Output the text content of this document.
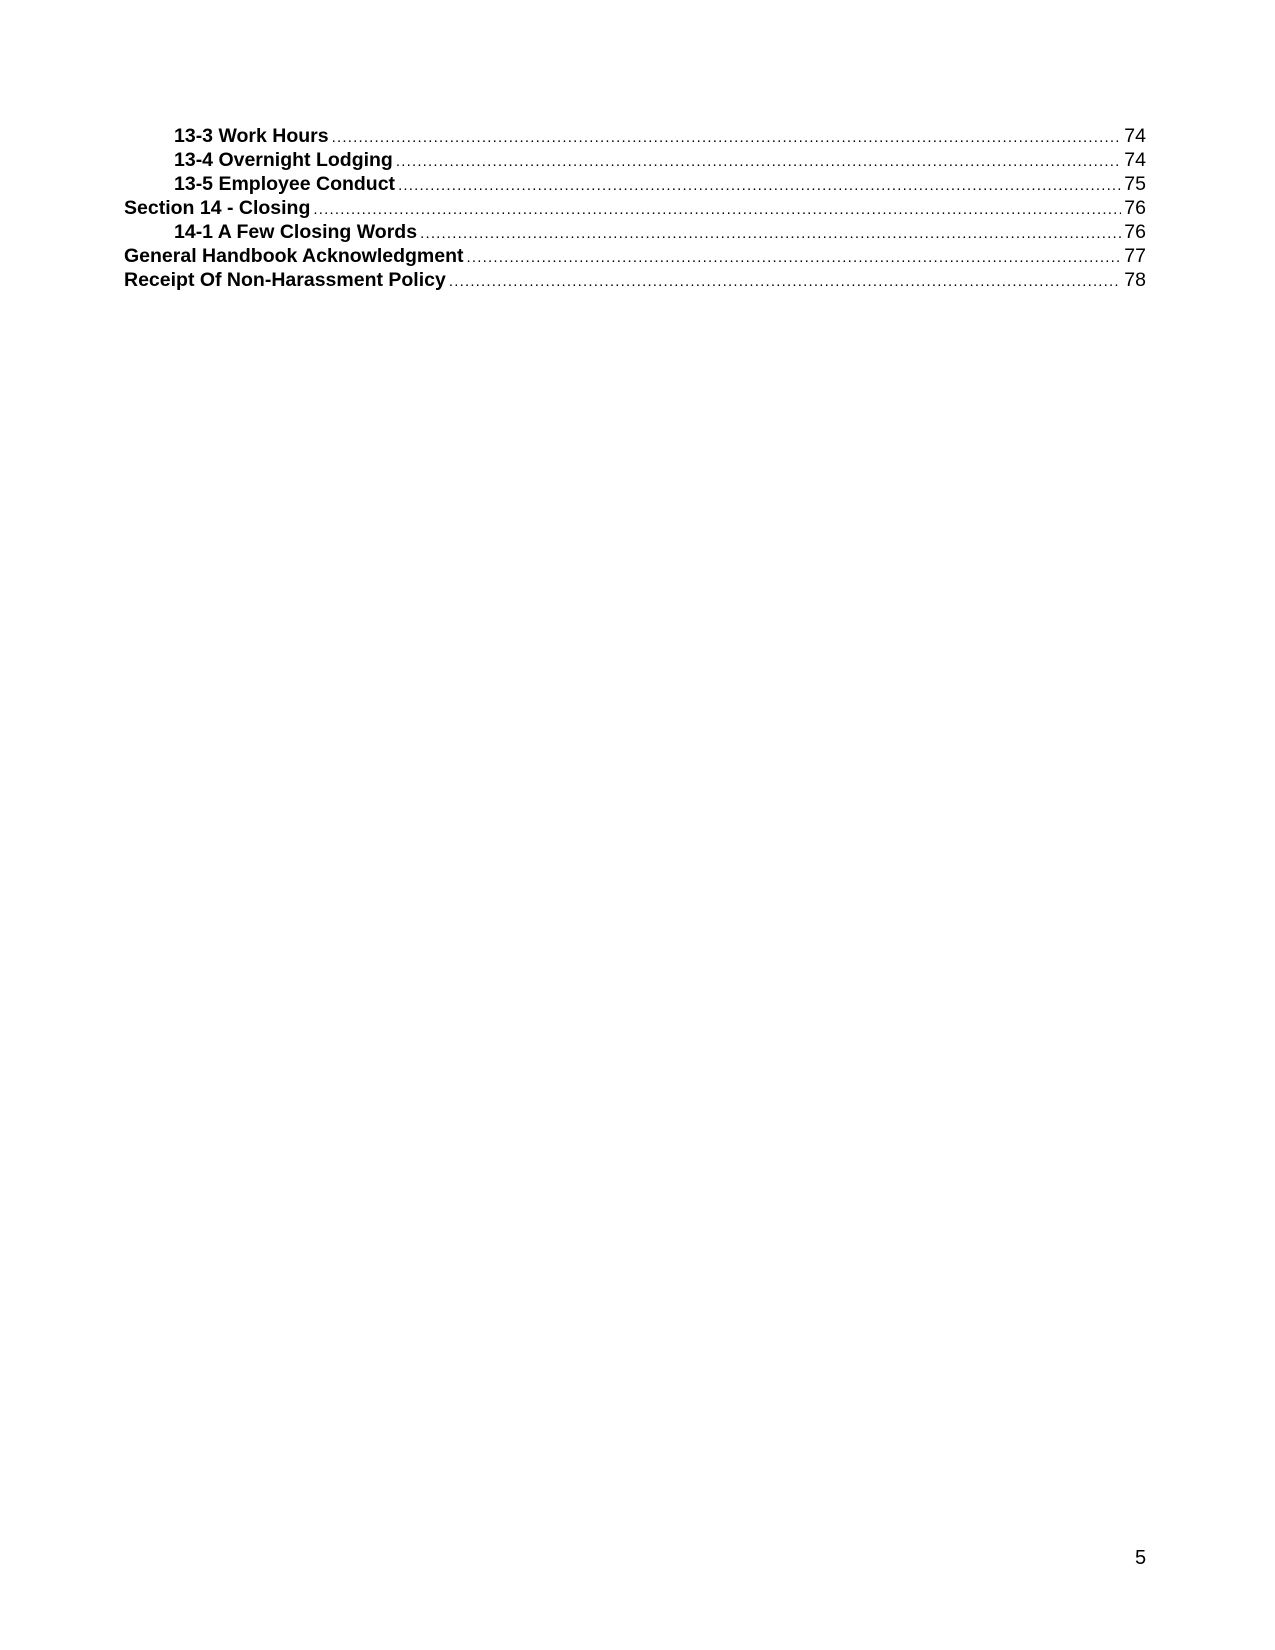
13-3 Work Hours .....	74
13-4 Overnight Lodging .....	74
13-5 Employee Conduct .....	75
Section 14 - Closing .....	76
14-1 A Few Closing Words .....	76
General Handbook Acknowledgment .....	77
Receipt Of Non-Harassment Policy .....	78
5
